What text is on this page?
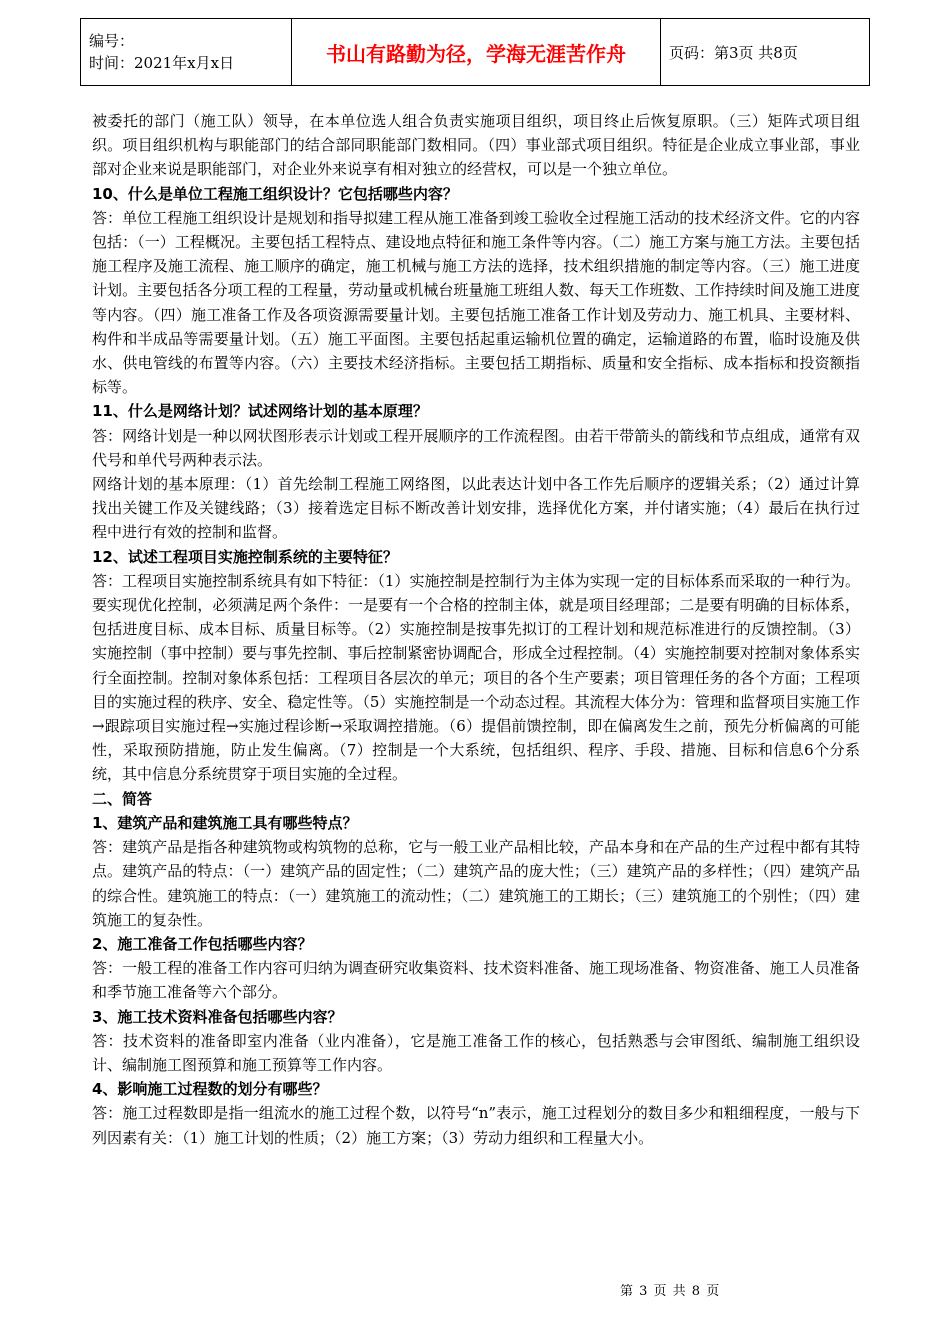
编号：
时间：2021年x月x日	书山有路勤为径，学海无涯苦作舟	页码：第3页 共8页

被委托的部门（施工队）领导，在本单位选人组合负责实施项目组织，项目终止后恢复原职。（三）矩阵式项目组织。项目组织机构与职能部门的结合部同职能部门数相同。（四）事业部式项目组织。特征是企业成立事业部，事业部对企业来说是职能部门，对企业外来说享有相对独立的经营权，可以是一个独立单位。

10、什么是单位工程施工组织设计？它包括哪些内容？

答：单位工程施工组织设计是规划和指导拟建工程从施工准备到竣工验收全过程施工活动的技术经济文件。它的内容包括：（一）工程概况。主要包括工程特点、建设地点特征和施工条件等内容。（二）施工方案与施工方法。主要包括施工程序及施工流程、施工顺序的确定，施工机械与施工方法的选择，技术组织措施的制定等内容。（三）施工进度计划。主要包括各分项工程的工程量，劳动量或机械台班量施工班组人数、每天工作班数、工作持续时间及施工进度等内容。（四）施工准备工作及各项资源需要量计划。主要包括施工准备工作计划及劳动力、施工机具、主要材料、构件和半成品等需要量计划。（五）施工平面图。主要包括起重运输机位置的确定，运输道路的布置，临时设施及供水、供电管线的布置等内容。（六）主要技术经济指标。主要包括工期指标、质量和安全指标、成本指标和投资额指标等。

11、什么是网络计划？试述网络计划的基本原理？

答：网络计划是一种以网状图形表示计划或工程开展顺序的工作流程图。由若干带箭头的箭线和节点组成，通常有双代号和单代号两种表示法。

网络计划的基本原理：（1）首先绘制工程施工网络图，以此表达计划中各工作先后顺序的逻辑关系；（2）通过计算找出关键工作及关键线路；（3）接着选定目标不断改善计划安排，选择优化方案，并付诸实施；（4）最后在执行过程中进行有效的控制和监督。

12、试述工程项目实施控制系统的主要特征？

答：工程项目实施控制系统具有如下特征：（1）实施控制是控制行为主体为实现一定的目标体系而采取的一种行为。要实现优化控制，必须满足两个条件：一是要有一个合格的控制主体，就是项目经理部；二是要有明确的目标体系，包括进度目标、成本目标、质量目标等。（2）实施控制是按事先拟订的工程计划和规范标准进行的反馈控制。（3）实施控制（事中控制）要与事先控制、事后控制紧密协调配合，形成全过程控制。（4）实施控制要对控制对象体系实行全面控制。控制对象体系包括：工程项目各层次的单元；项目的各个生产要素；项目管理任务的各个方面；工程项目的实施过程的秩序、安全、稳定性等。（5）实施控制是一个动态过程。其流程大体分为：管理和监督项目实施工作→跟踪项目实施过程→实施过程诊断→采取调控措施。（6）提倡前馈控制，即在偏离发生之前，预先分析偏离的可能性，采取预防措施，防止发生偏离。（7）控制是一个大系统，包括组织、程序、手段、措施、目标和信息6个分系统，其中信息分系统贯穿于项目实施的全过程。

二、简答

1、建筑产品和建筑施工具有哪些特点？

答：建筑产品是指各种建筑物或构筑物的总称，它与一般工业产品相比较，产品本身和在产品的生产过程中都有其特点。建筑产品的特点：（一）建筑产品的固定性；（二）建筑产品的庞大性；（三）建筑产品的多样性；（四）建筑产品的综合性。建筑施工的特点：（一）建筑施工的流动性；（二）建筑施工的工期长；（三）建筑施工的个别性；（四）建筑施工的复杂性。

2、施工准备工作包括哪些内容？

答：一般工程的准备工作内容可归纳为调查研究收集资料、技术资料准备、施工现场准备、物资准备、施工人员准备和季节施工准备等六个部分。

3、施工技术资料准备包括哪些内容？

答：技术资料的准备即室内准备（业内准备），它是施工准备工作的核心，包括熟悉与会审图纸、编制施工组织设计、编制施工图预算和施工预算等工作内容。

4、影响施工过程数的划分有哪些？

答：施工过程数即是指一组流水的施工过程个数，以符号“n”表示，施工过程划分的数目多少和粗细程度，一般与下列因素有关：（1）施工计划的性质；（2）施工方案；（3）劳动力组织和工程量大小。

第 3 页 共 8 页
